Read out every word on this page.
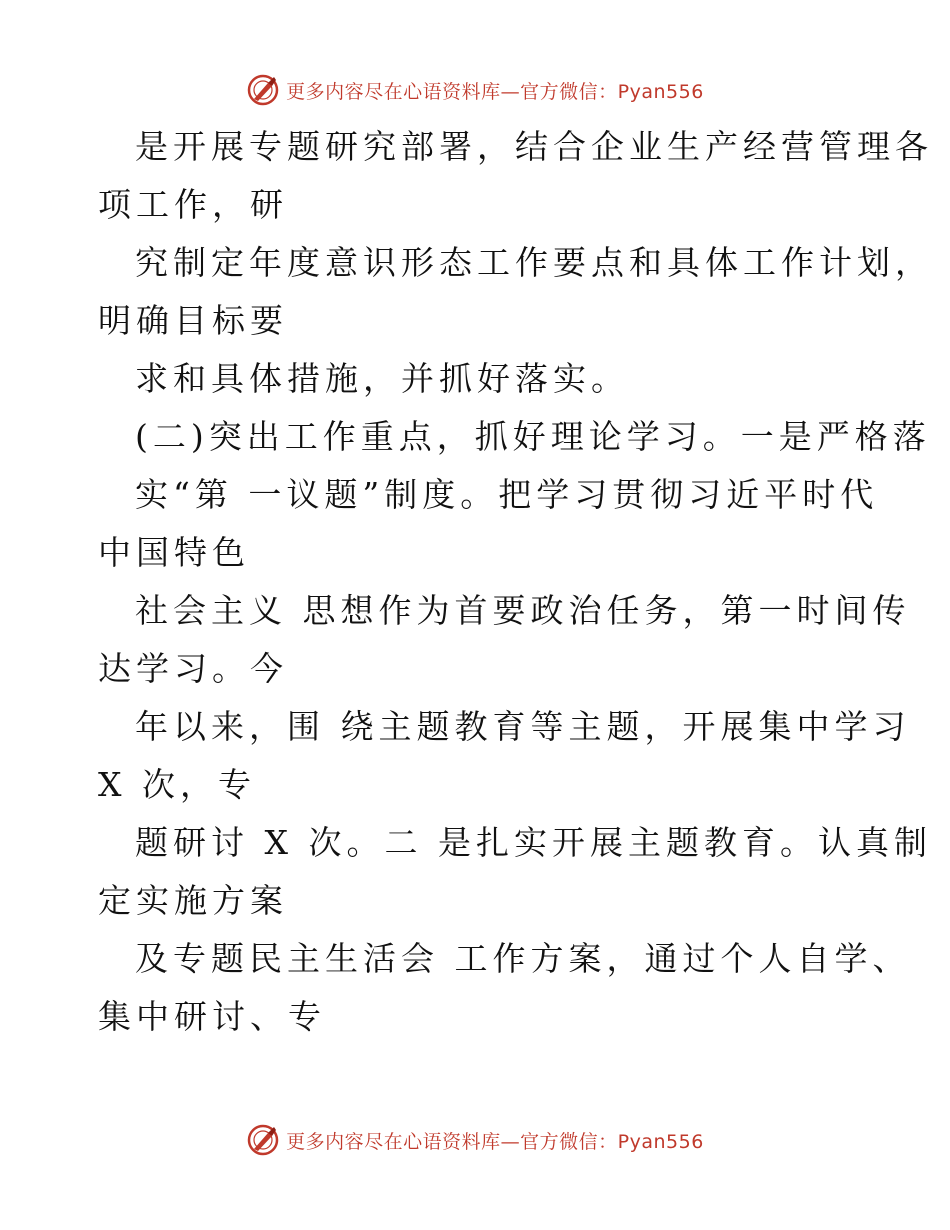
更多内容尽在心语资料库—官方微信：Pyan556
是开展专题研究部署，结合企业生产经营管理各
项工作，研
究制定年度意识形态工作要点和具体工作计划，
明确目标要
求和具体措施，并抓好落实。
(二)突出工作重点，抓好理论学习。一是严格落
实“第 一议题”制度。把学习贯彻习近平时代
中国特色
社会主义 思想作为首要政治任务，第一时间传
达学习。今
年以来，围 绕主题教育等主题，开展集中学习
X 次，专
题研讨 X 次。二 是扎实开展主题教育。认真制
定实施方案
及专题民主生活会 工作方案，通过个人自学、
集中研讨、专
更多内容尽在心语资料库—官方微信：Pyan556
